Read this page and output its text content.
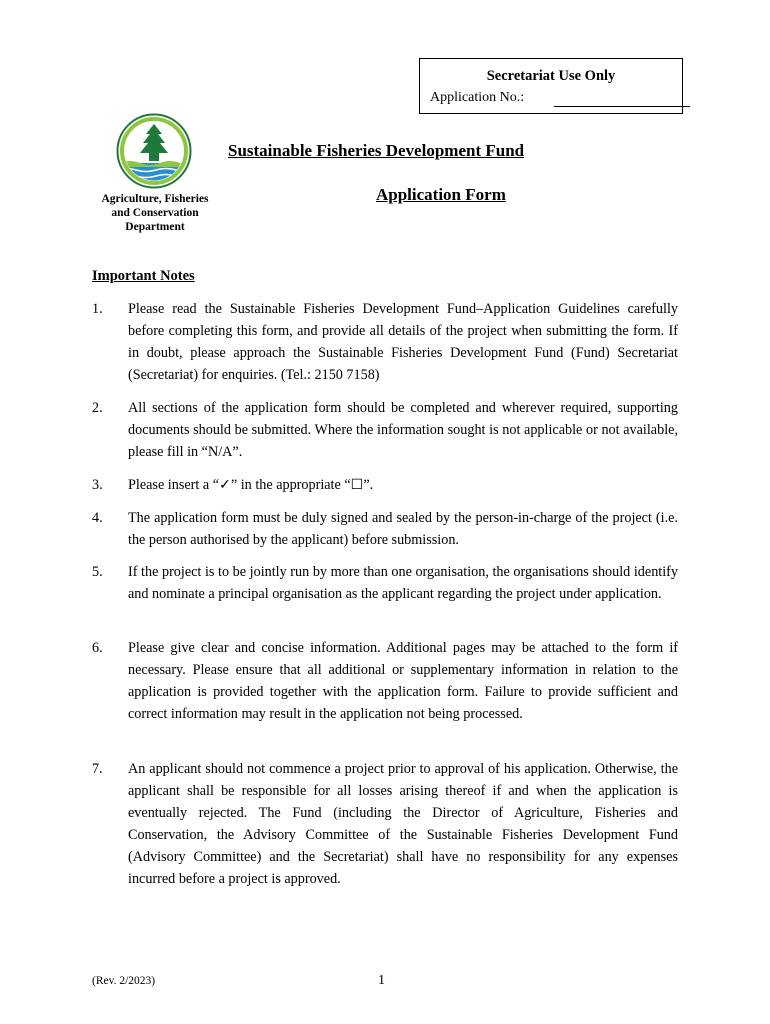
Secretariat Use Only
Application No.:
Agriculture, Fisheries
and Conservation
Department
Sustainable Fisheries Development Fund
Application Form
Important Notes
1. Please read the Sustainable Fisheries Development Fund–Application Guidelines carefully before completing this form, and provide all details of the project when submitting the form. If in doubt, please approach the Sustainable Fisheries Development Fund (Fund) Secretariat (Secretariat) for enquiries. (Tel.: 2150 7158)
2. All sections of the application form should be completed and wherever required, supporting documents should be submitted. Where the information sought is not applicable or not available, please fill in “N/A”.
3. Please insert a “✓” in the appropriate “☐”.
4. The application form must be duly signed and sealed by the person-in-charge of the project (i.e. the person authorised by the applicant) before submission.
5. If the project is to be jointly run by more than one organisation, the organisations should identify and nominate a principal organisation as the applicant regarding the project under application.
6. Please give clear and concise information. Additional pages may be attached to the form if necessary. Please ensure that all additional or supplementary information in relation to the application is provided together with the application form. Failure to provide sufficient and correct information may result in the application not being processed.
7. An applicant should not commence a project prior to approval of his application. Otherwise, the applicant shall be responsible for all losses arising thereof if and when the application is eventually rejected. The Fund (including the Director of Agriculture, Fisheries and Conservation, the Advisory Committee of the Sustainable Fisheries Development Fund (Advisory Committee) and the Secretariat) shall have no responsibility for any expenses incurred before a project is approved.
(Rev. 2/2023)	1
